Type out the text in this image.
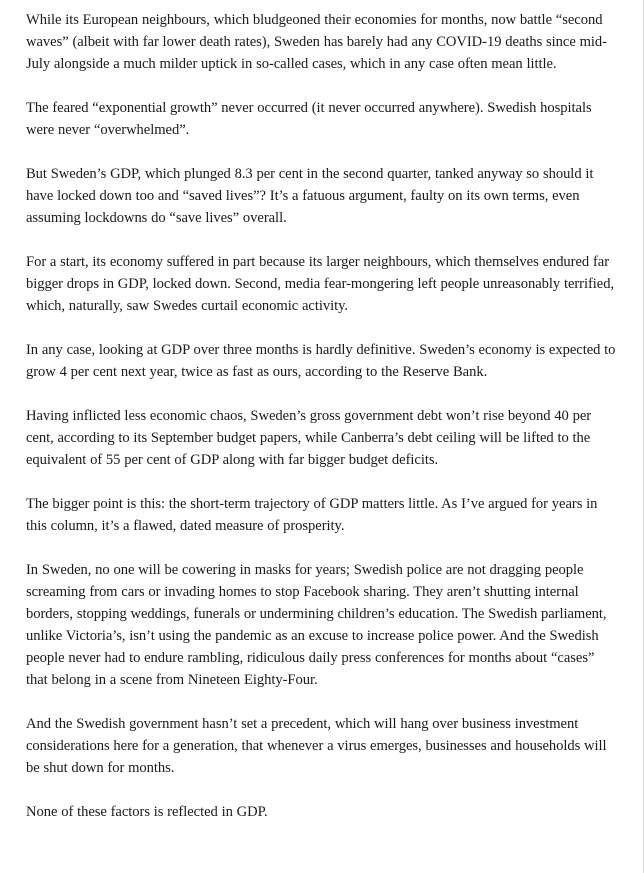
While its European neighbours, which bludgeoned their economies for months, now battle “second waves” (albeit with far lower death rates), Sweden has barely had any COVID-19 deaths since mid-July alongside a much milder uptick in so-called cases, which in any case often mean little.

The feared “exponential growth” never occurred (it never occurred anywhere). Swedish hospitals were never “overwhelmed”.

But Sweden’s GDP, which plunged 8.3 per cent in the second quarter, tanked anyway so should it have locked down too and “saved lives”? It’s a fatuous argument, faulty on its own terms, even assuming lockdowns do “save lives” overall.

For a start, its economy suffered in part because its larger neighbours, which themselves endured far bigger drops in GDP, locked down. Second, media fear-mongering left people unreasonably terrified, which, naturally, saw Swedes curtail economic activity.

In any case, looking at GDP over three months is hardly definitive. Sweden’s economy is expected to grow 4 per cent next year, twice as fast as ours, according to the Reserve Bank.

Having inflicted less economic chaos, Sweden’s gross government debt won’t rise beyond 40 per cent, according to its September budget papers, while Canberra’s debt ceiling will be lifted to the equivalent of 55 per cent of GDP along with far bigger budget deficits.

The bigger point is this: the short-term trajectory of GDP matters little. As I’ve argued for years in this column, it’s a flawed, dated measure of prosperity.

In Sweden, no one will be cowering in masks for years; Swedish police are not dragging people screaming from cars or invading homes to stop Facebook sharing. They aren’t shutting internal borders, stopping weddings, funerals or undermining children’s education. The Swedish parliament, unlike Victoria’s, isn’t using the pandemic as an excuse to increase police power. And the Swedish people never had to endure rambling, ridiculous daily press conferences for months about “cases” that belong in a scene from Nineteen Eighty-Four.

And the Swedish government hasn’t set a precedent, which will hang over business investment considerations here for a generation, that whenever a virus emerges, businesses and households will be shut down for months.

None of these factors is reflected in GDP.
